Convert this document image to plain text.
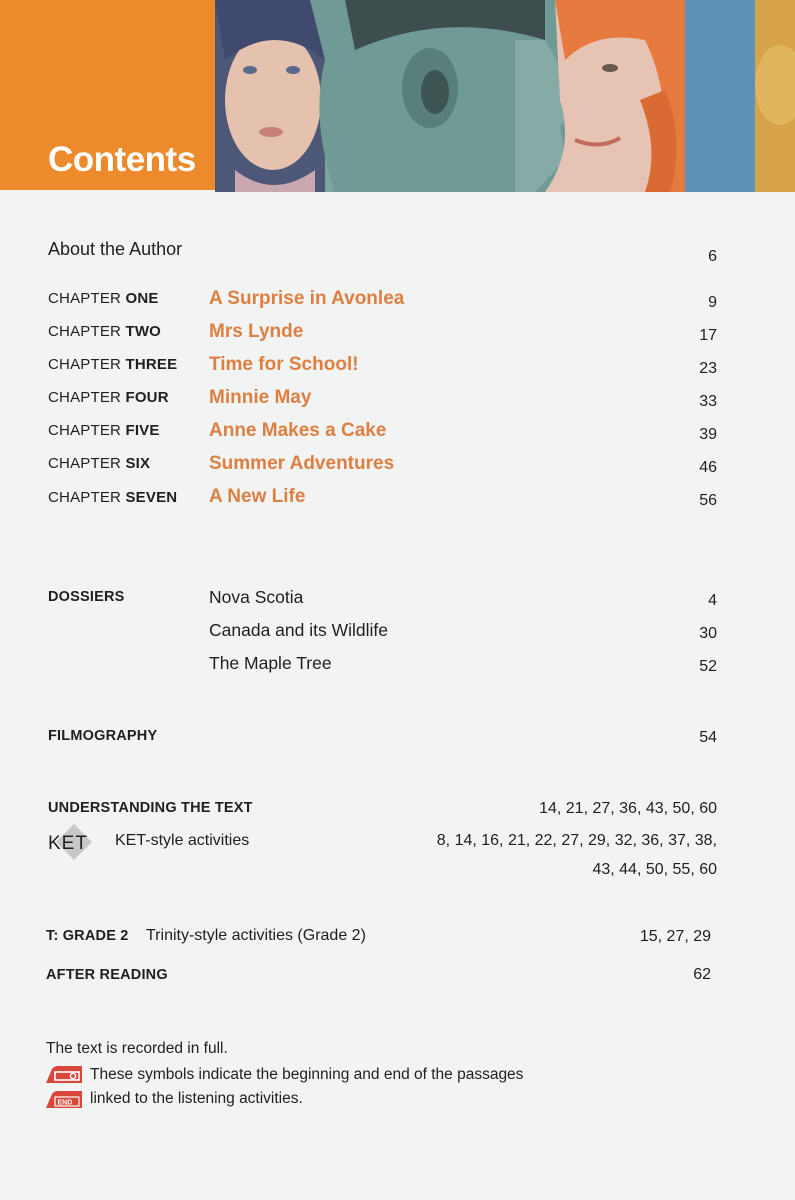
Contents
About the Author	6
CHAPTER ONE	A Surprise in Avonlea	9
CHAPTER TWO	Mrs Lynde	17
CHAPTER THREE Time for School!	23
CHAPTER FOUR Minnie May	33
CHAPTER FIVE	Anne Makes a Cake	39
CHAPTER SIX	Summer Adventures	46
CHAPTER SEVEN A New Life	56
DOSSIERS	Nova Scotia	4
Canada and its Wildlife	30
The Maple Tree	52
FILMOGRAPHY	54
UNDERSTANDING THE TEXT	14, 21, 27, 36, 43, 50, 60
KET KET-style activities	8, 14, 16, 21, 22, 27, 29, 32, 36, 37, 38,
43, 44, 50, 55, 60
T: GRADE 2 Trinity-style activities (Grade 2)	15, 27, 29
AFTER READING	62
The text is recorded in full.
These symbols indicate the beginning and end of the passages
END linked to the listening activities.
